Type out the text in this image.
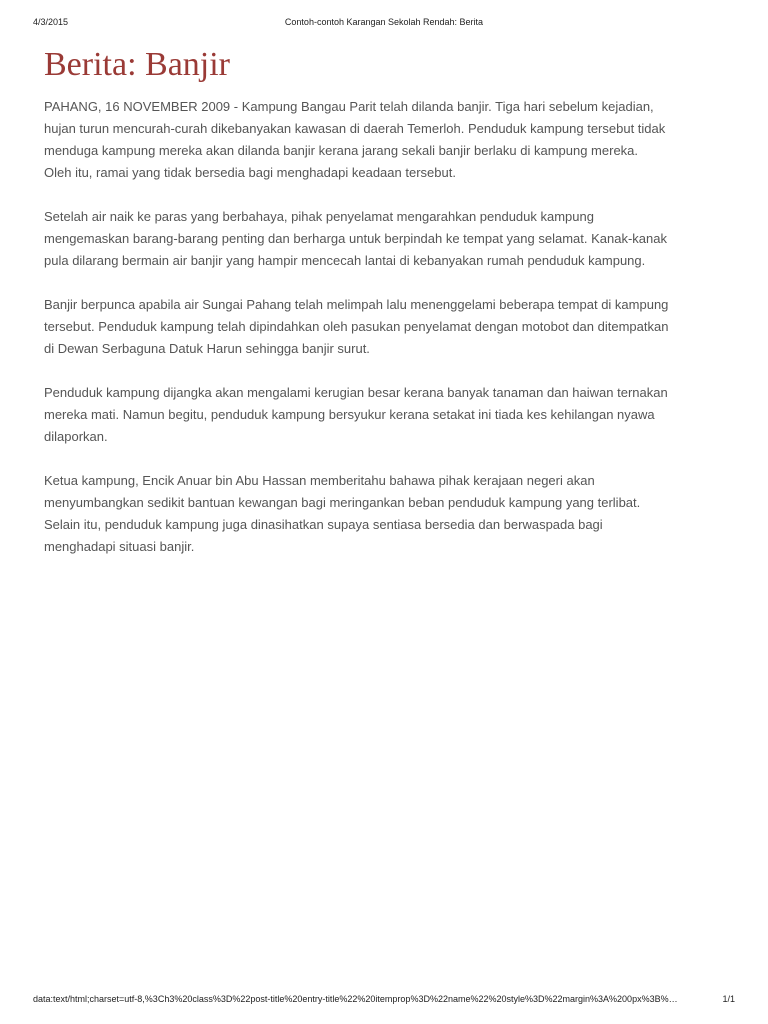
4/3/2015	Contoh-contoh Karangan Sekolah Rendah: Berita
Berita: Banjir

PAHANG, 16 NOVEMBER 2009 - Kampung Bangau Parit telah dilanda banjir. Tiga hari sebelum kejadian, hujan turun mencurah-curah dikebanyakan kawasan di daerah Temerloh. Penduduk kampung tersebut tidak menduga kampung mereka akan dilanda banjir kerana jarang sekali banjir berlaku di kampung mereka. Oleh itu, ramai yang tidak bersedia bagi menghadapi keadaan tersebut.

Setelah air naik ke paras yang berbahaya, pihak penyelamat mengarahkan penduduk kampung mengemaskan barang-barang penting dan berharga untuk berpindah ke tempat yang selamat. Kanak-kanak pula dilarang bermain air banjir yang hampir mencecah lantai di kebanyakan rumah penduduk kampung.

Banjir berpunca apabila air Sungai Pahang telah melimpah lalu menenggelami beberapa tempat di kampung tersebut. Penduduk kampung telah dipindahkan oleh pasukan penyelamat dengan motobot dan ditempatkan di Dewan Serbaguna Datuk Harun sehingga banjir surut.

Penduduk kampung dijangka akan mengalami kerugian besar kerana banyak tanaman dan haiwan ternakan mereka mati. Namun begitu, penduduk kampung bersyukur kerana setakat ini tiada kes kehilangan nyawa dilaporkan.

Ketua kampung, Encik Anuar bin Abu Hassan memberitahu bahawa pihak kerajaan negeri akan menyumbangkan sedikit bantuan kewangan bagi meringankan beban penduduk kampung yang terlibat. Selain itu, penduduk kampung juga dinasihatkan supaya sentiasa bersedia dan berwaspada bagi menghadapi situasi banjir.

data:text/html;charset=utf-8,%3Ch3%20class%3D%22post-title%20entry-title%22%20itemprop%3D%22name%22%20style%3D%22margin%3A%200px%3B%…	1/1
